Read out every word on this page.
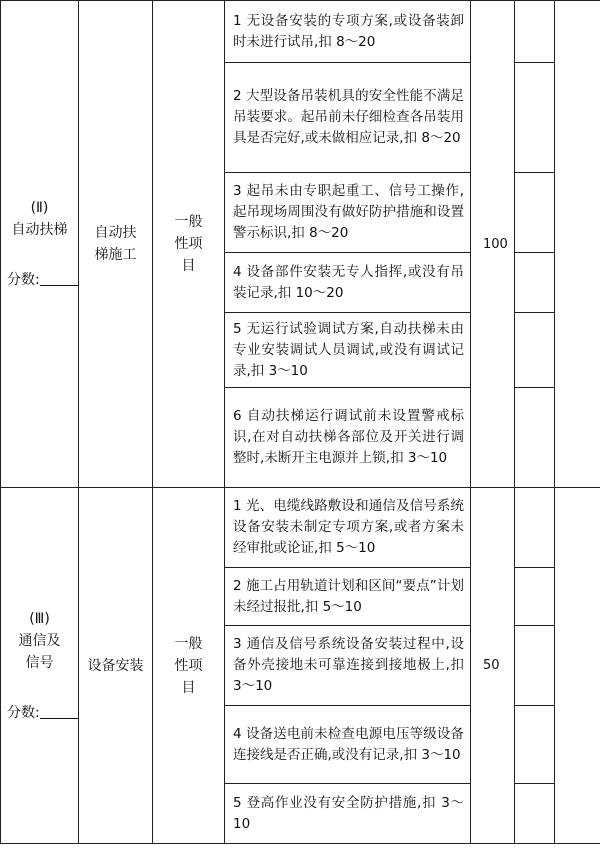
(Ⅱ)
自动扶梯
分数:	自动扶梯施工	一般性项目	1 无设备安装的专项方案,或设备装卸时未进行试吊,扣 8～20	100		
			2 大型设备吊装机具的安全性能不满足吊装要求。起吊前未仔细检查各吊装用具是否完好,或未做相应记录,扣 8～20			
			3 起吊未由专职起重工、信号工操作,起吊现场周围没有做好防护措施和设置警示标识,扣 8～20			
			4 设备部件安装无专人指挥,或没有吊装记录,扣 10～20			
			5 无运行试验调试方案,自动扶梯未由专业安装调试人员调试,或没有调试记录,扣 3～10			
			6 自动扶梯运行调试前未设置警戒标识,在对自动扶梯各部位及开关进行调整时,未断开主电源并上锁,扣 3～10			
(Ⅲ)
通信及信号
分数:	设备安装	一般性项目	1 光、电缆线路敷设和通信及信号系统设备安装未制定专项方案,或者方案未经审批或论证,扣 5～10	50		
			2 施工占用轨道计划和区间“要点”计划未经过报批,扣 5～10			
			3 通信及信号系统设备安装过程中,设备外壳接地未可靠连接到接地极上,扣 3～10			
			4 设备送电前未检查电源电压等级设备连接线是否正确,或没有记录,扣 3～10			
			5 登高作业没有安全防护措施,扣 3～10			
